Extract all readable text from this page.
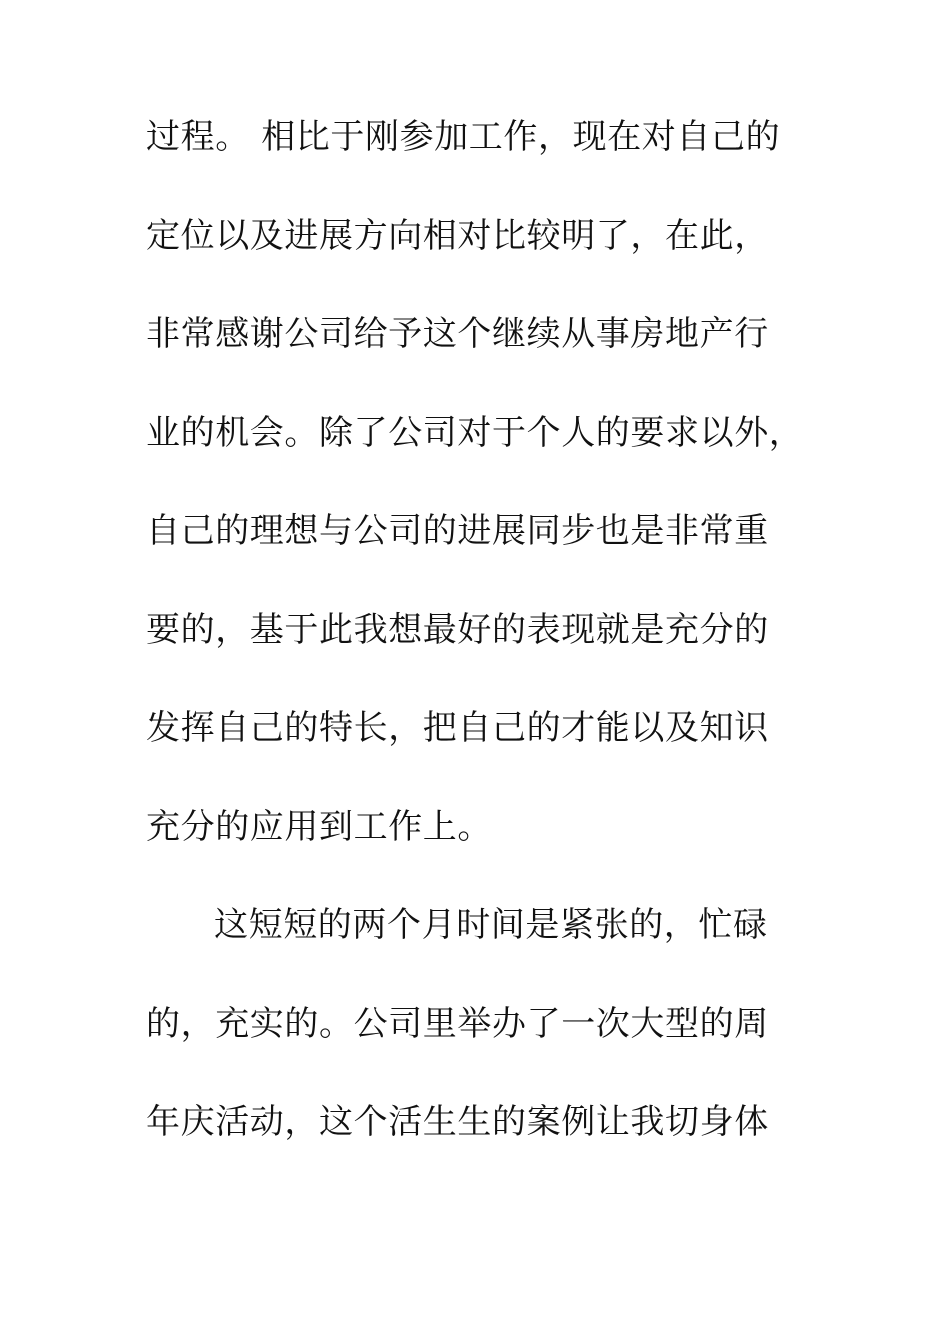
过程。 相比于刚参加工作，现在对自己的
定位以及进展方向相对比较明了，在此，
非常感谢公司给予这个继续从事房地产行
业的机会。除了公司对于个人的要求以外，
自己的理想与公司的进展同步也是非常重
要的，基于此我想最好的表现就是充分的
发挥自己的特长，把自己的才能以及知识
充分的应用到工作上。
这短短的两个月时间是紧张的，忙碌
的，充实的。公司里举办了一次大型的周
年庆活动，这个活生生的案例让我切身体
